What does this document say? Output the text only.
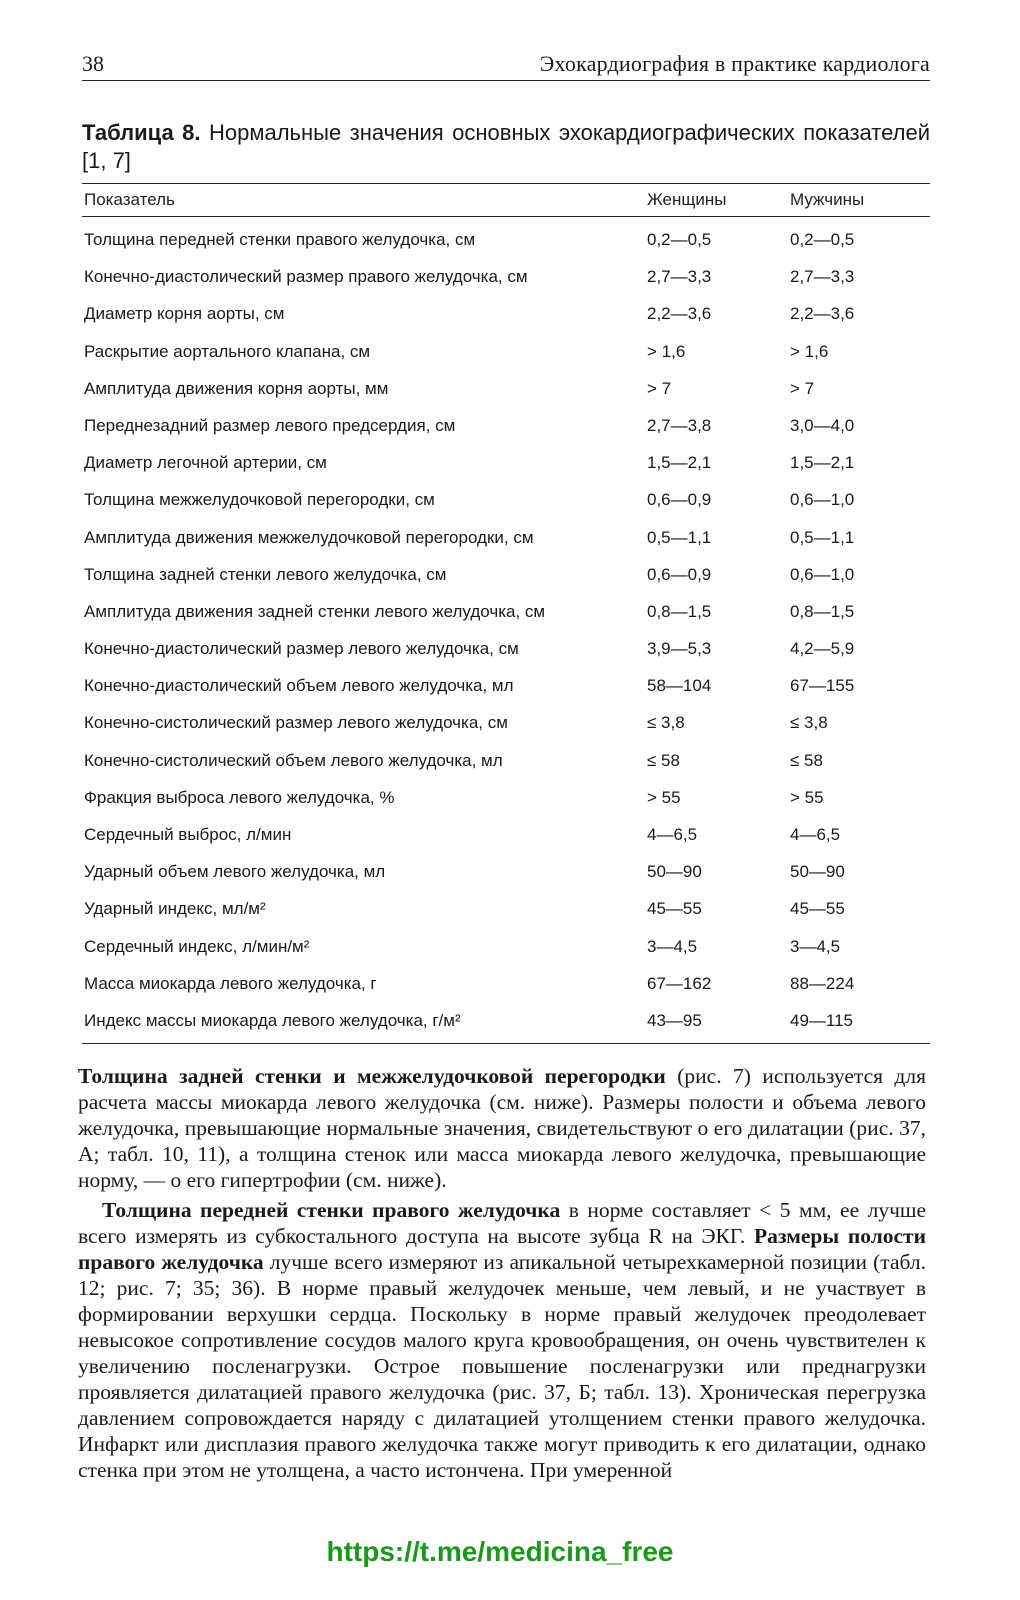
38	Эхокардиография в практике кардиолога
Таблица 8. Нормальные значения основных эхокардиографических показателей [1, 7]
Показатель	Женщины	Мужчины
Толщина передней стенки правого желудочка, см	0,2—0,5	0,2—0,5
Конечно-диастолический размер правого желудочка, см	2,7—3,3	2,7—3,3
Диаметр корня аорты, см	2,2—3,6	2,2—3,6
Раскрытие аортального клапана, см	> 1,6	> 1,6
Амплитуда движения корня аорты, мм	> 7	> 7
Переднезадний размер левого предсердия, см	2,7—3,8	3,0—4,0
Диаметр легочной артерии, см	1,5—2,1	1,5—2,1
Толщина межжелудочковой перегородки, см	0,6—0,9	0,6—1,0
Амплитуда движения межжелудочковой перегородки, см	0,5—1,1	0,5—1,1
Толщина задней стенки левого желудочка, см	0,6—0,9	0,6—1,0
Амплитуда движения задней стенки левого желудочка, см	0,8—1,5	0,8—1,5
Конечно-диастолический размер левого желудочка, см	3,9—5,3	4,2—5,9
Конечно-диастолический объем левого желудочка, мл	58—104	67—155
Конечно-систолический размер левого желудочка, см	≤ 3,8	≤ 3,8
Конечно-систолический объем левого желудочка, мл	≤ 58	≤ 58
Фракция выброса левого желудочка, %	> 55	> 55
Сердечный выброс, л/мин	4—6,5	4—6,5
Ударный объем левого желудочка, мл	50—90	50—90
Ударный индекс, мл/м²	45—55	45—55
Сердечный индекс, л/мин/м²	3—4,5	3—4,5
Масса миокарда левого желудочка, г	67—162	88—224
Индекс массы миокарда левого желудочка, г/м²	43—95	49—115

Толщина задней стенки и межжелудочковой перегородки (рис. 7) используется для расчета массы миокарда левого желудочка (см. ниже). Размеры полости и объема левого желудочка, превышающие нормальные значения, свидетельствуют о его дилатации (рис. 37, А; табл. 10, 11), а толщина стенок или масса миокарда левого желудочка, превышающие норму, — о его гипертрофии (см. ниже).

Толщина передней стенки правого желудочка в норме составляет < 5 мм, ее лучше всего измерять из субкостального доступа на высоте зубца R на ЭКГ. Размеры полости правого желудочка лучше всего измеряют из апикальной четырехкамерной позиции (табл. 12; рис. 7; 35; 36). В норме правый желудочек меньше, чем левый, и не участвует в формировании верхушки сердца. Поскольку в норме правый желудочек преодолевает невысокое сопротивление сосудов малого круга кровообращения, он очень чувствителен к увеличению посленагрузки. Острое повышение посленагрузки или преднагрузки проявляется дилатацией правого желудочка (рис. 37, Б; табл. 13). Хроническая перегрузка давлением сопровождается наряду с дилатацией утолщением стенки правого желудочка. Инфаркт или дисплазия правого желудочка также могут приводить к его дилатации, однако стенка при этом не утолщена, а часто истончена. При умеренной

https://t.me/medicina_free
